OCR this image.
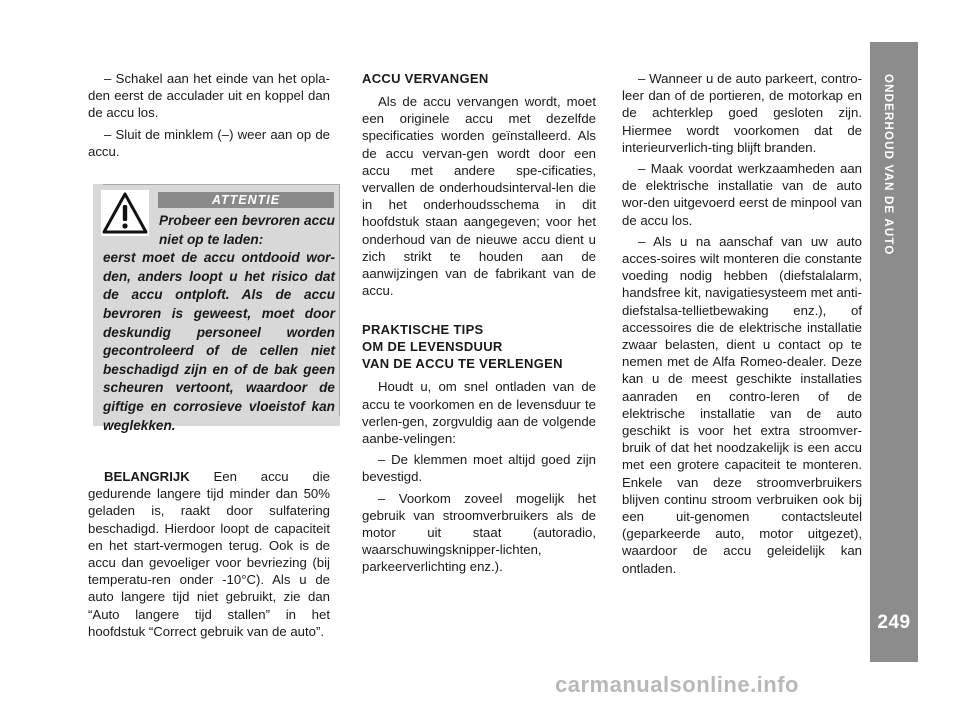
ONDERHOUD VAN DE AUTO
249

– Schakel aan het einde van het opla-den eerst de acculader uit en koppel dan de accu los.

– Sluit de minklem (–) weer aan op de accu.

ATTENTIE
Probeer een bevroren accu niet op te laden:
eerst moet de accu ontdooid wor-den, anders loopt u het risico dat de accu ontploft. Als de accu bevroren is geweest, moet door deskundig personeel worden gecontroleerd of de cellen niet beschadigd zijn en of de bak geen scheuren vertoont, waardoor de giftige en corrosieve vloeistof kan weglekken.

BELANGRIJK Een accu die gedurende langere tijd minder dan 50% geladen is, raakt door sulfatering beschadigd. Hierdoor loopt de capaciteit en het start-vermogen terug. Ook is de accu dan gevoeliger voor bevriezing (bij temperatu-ren onder -10°C). Als u de auto langere tijd niet gebruikt, zie dan “Auto langere tijd stallen” in het hoofdstuk “Correct gebruik van de auto”.

ACCU VERVANGEN

Als de accu vervangen wordt, moet een originele accu met dezelfde specificaties worden geïnstalleerd. Als de accu vervan-gen wordt door een accu met andere spe-cificaties, vervallen de onderhoudsinterval-len die in het onderhoudsschema in dit hoofdstuk staan aangegeven; voor het onderhoud van de nieuwe accu dient u zich strikt te houden aan de aanwijzingen van de fabrikant van de accu.

PRAKTISCHE TIPS

OM DE LEVENSDUUR

VAN DE ACCU TE VERLENGEN

Houdt u, om snel ontladen van de accu te voorkomen en de levensduur te verlen-gen, zorgvuldig aan de volgende aanbe-velingen:

– De klemmen moet altijd goed zijn bevestigd.

– Voorkom zoveel mogelijk het gebruik van stroomverbruikers als de motor uit staat (autoradio, waarschuwingsknipper-lichten, parkeerverlichting enz.).

– Wanneer u de auto parkeert, contro-leer dan of de portieren, de motorkap en de achterklep goed gesloten zijn. Hiermee wordt voorkomen dat de interieurverlich-ting blijft branden.

– Maak voordat werkzaamheden aan de elektrische installatie van de auto wor-den uitgevoerd eerst de minpool van de accu los.

– Als u na aanschaf van uw auto acces-soires wilt monteren die constante voeding nodig hebben (diefstalalarm, handsfree kit, navigatiesysteem met anti-diefstalsa-tellietbewaking enz.), of accessoires die de elektrische installatie zwaar belasten, dient u contact op te nemen met de Alfa Romeo-dealer. Deze kan u de meest geschikte installaties aanraden en contro-leren of de elektrische installatie van de auto geschikt is voor het extra stroomver-bruik of dat het noodzakelijk is een accu met een grotere capaciteit te monteren. Enkele van deze stroomverbruikers blijven continu stroom verbruiken ook bij een uit-genomen contactsleutel (geparkeerde auto, motor uitgezet), waardoor de accu geleidelijk kan ontladen.

carmanualsonline.info
